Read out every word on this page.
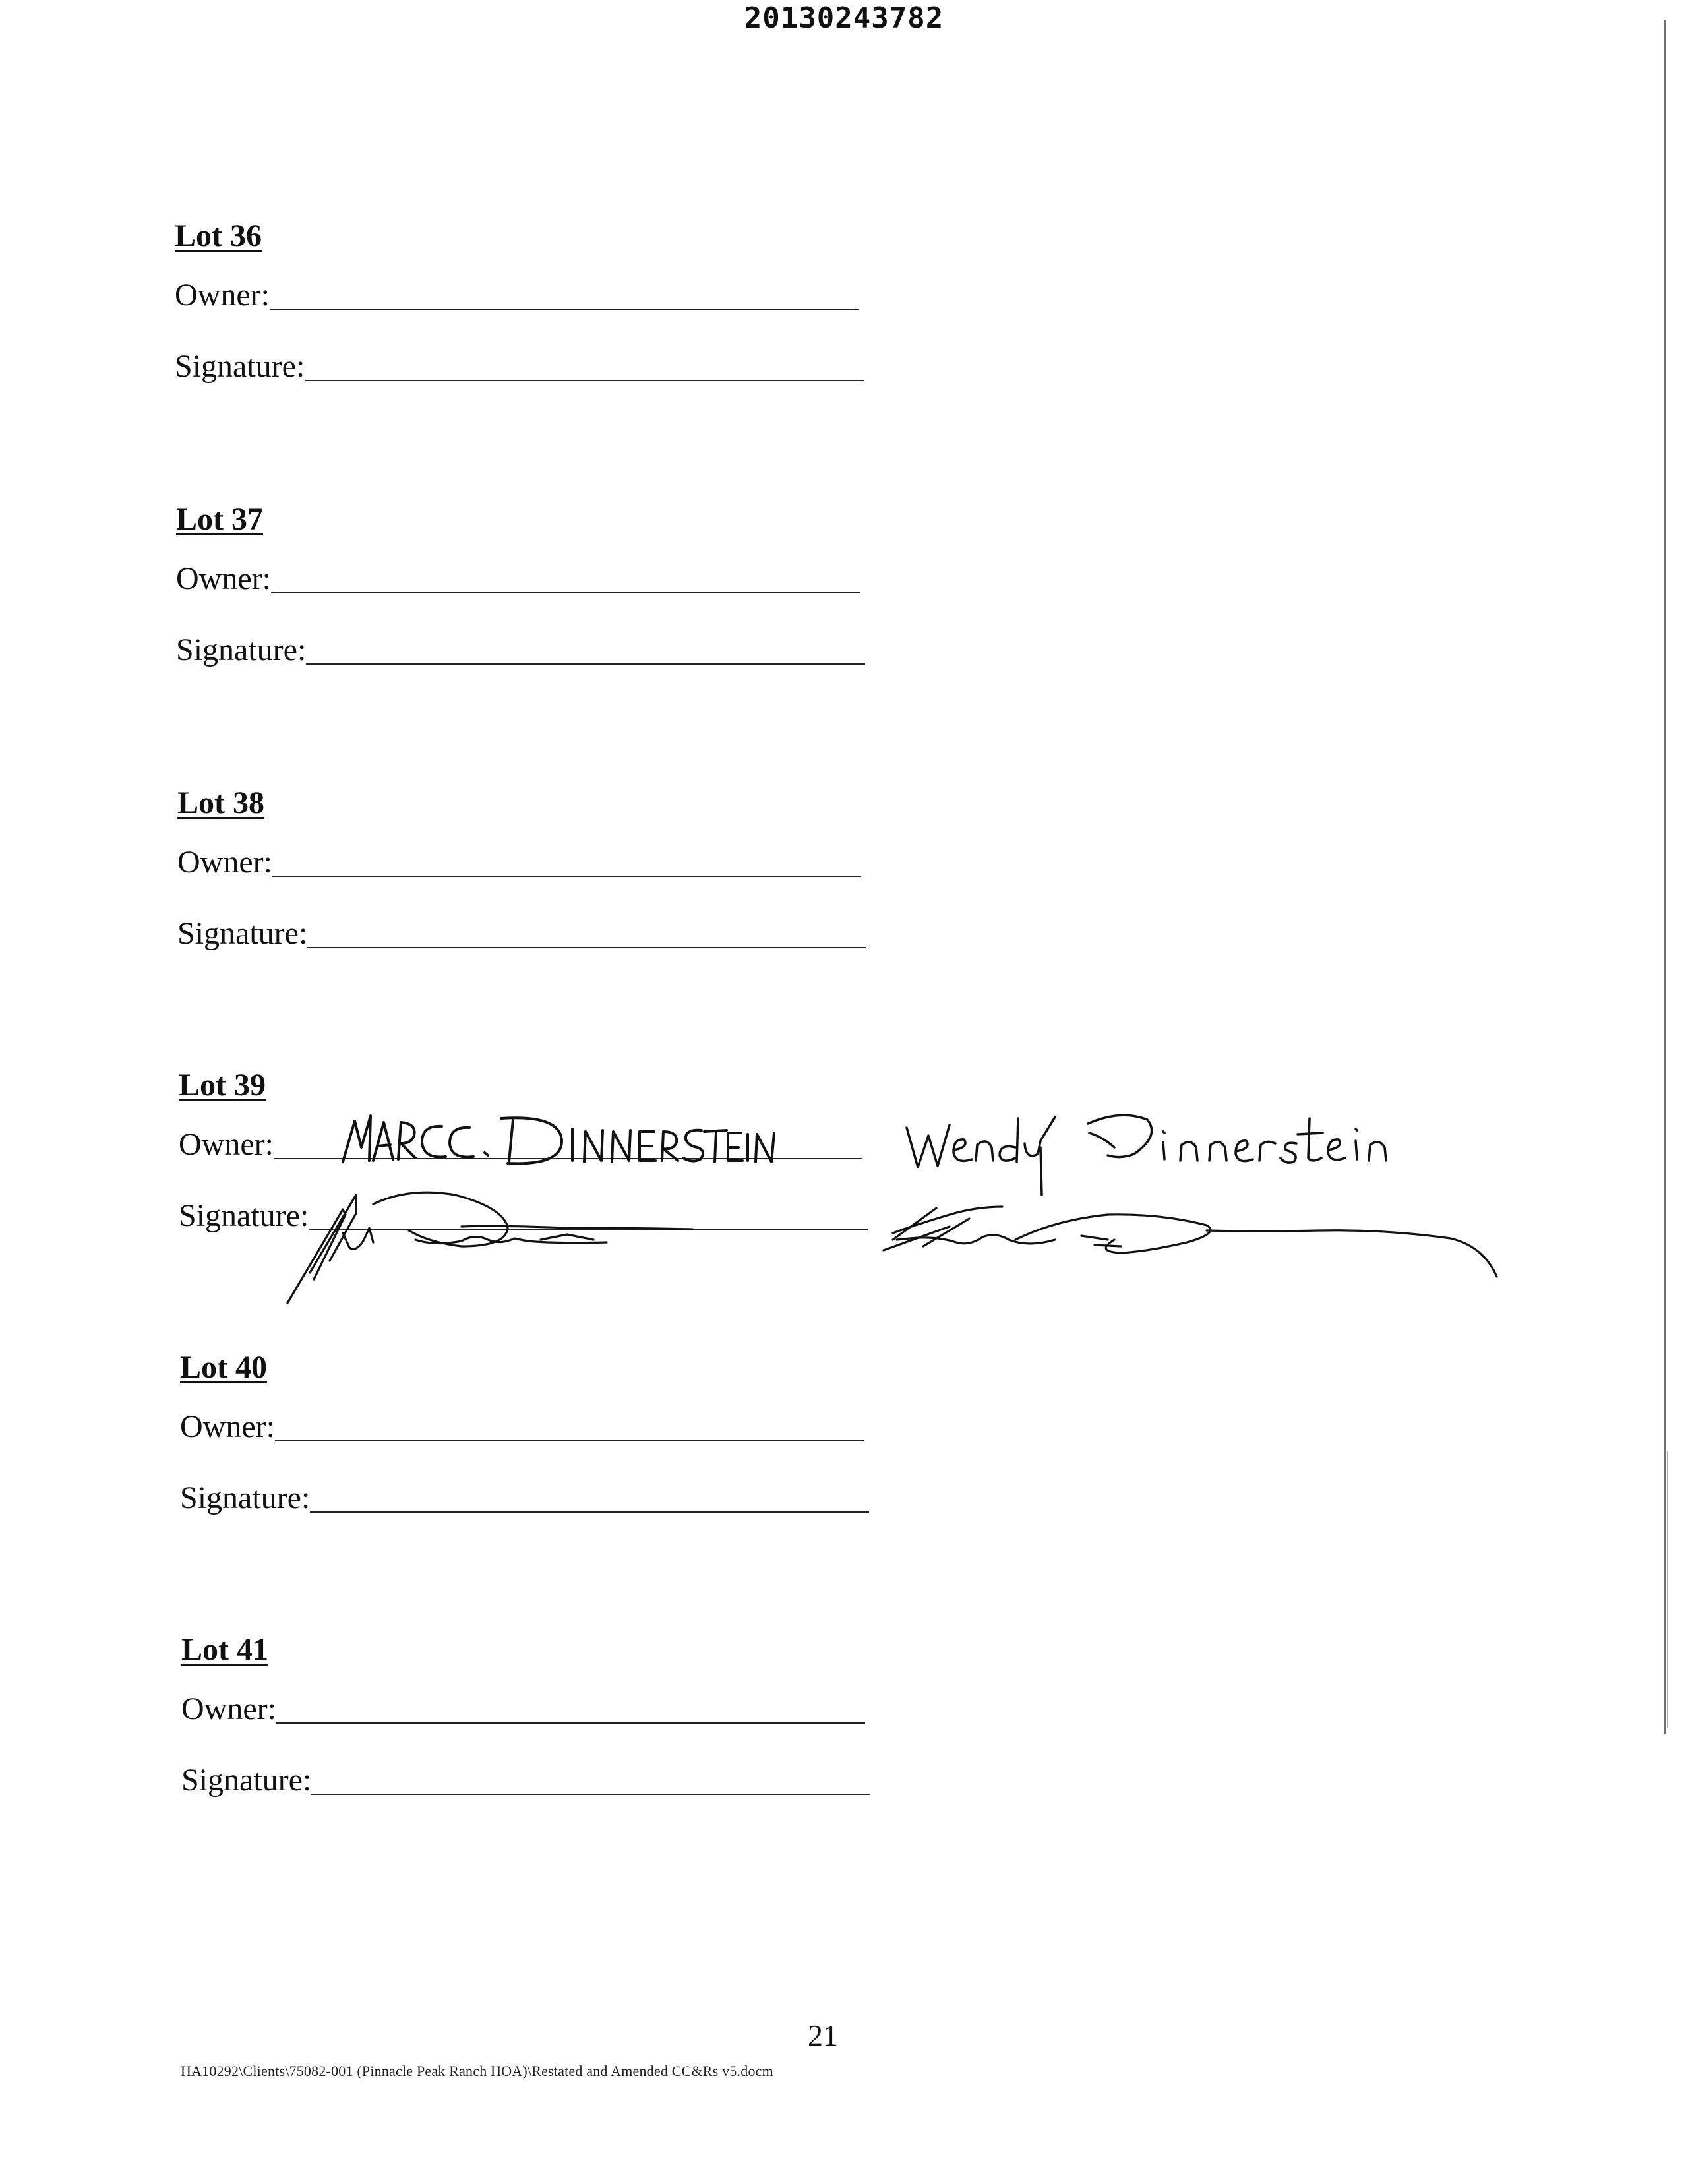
20130243782
Lot 36
Owner:
Signature:
Lot 37
Owner:
Signature:
Lot 38
Owner:
Signature:
Lot 39
Owner:
Signature:
Lot 40
Owner:
Signature:
Lot 41
Owner:
Signature:
21
HA10292\Clients\75082-001 (Pinnacle Peak Ranch HOA)\Restated and Amended CC&Rs v5.docm
